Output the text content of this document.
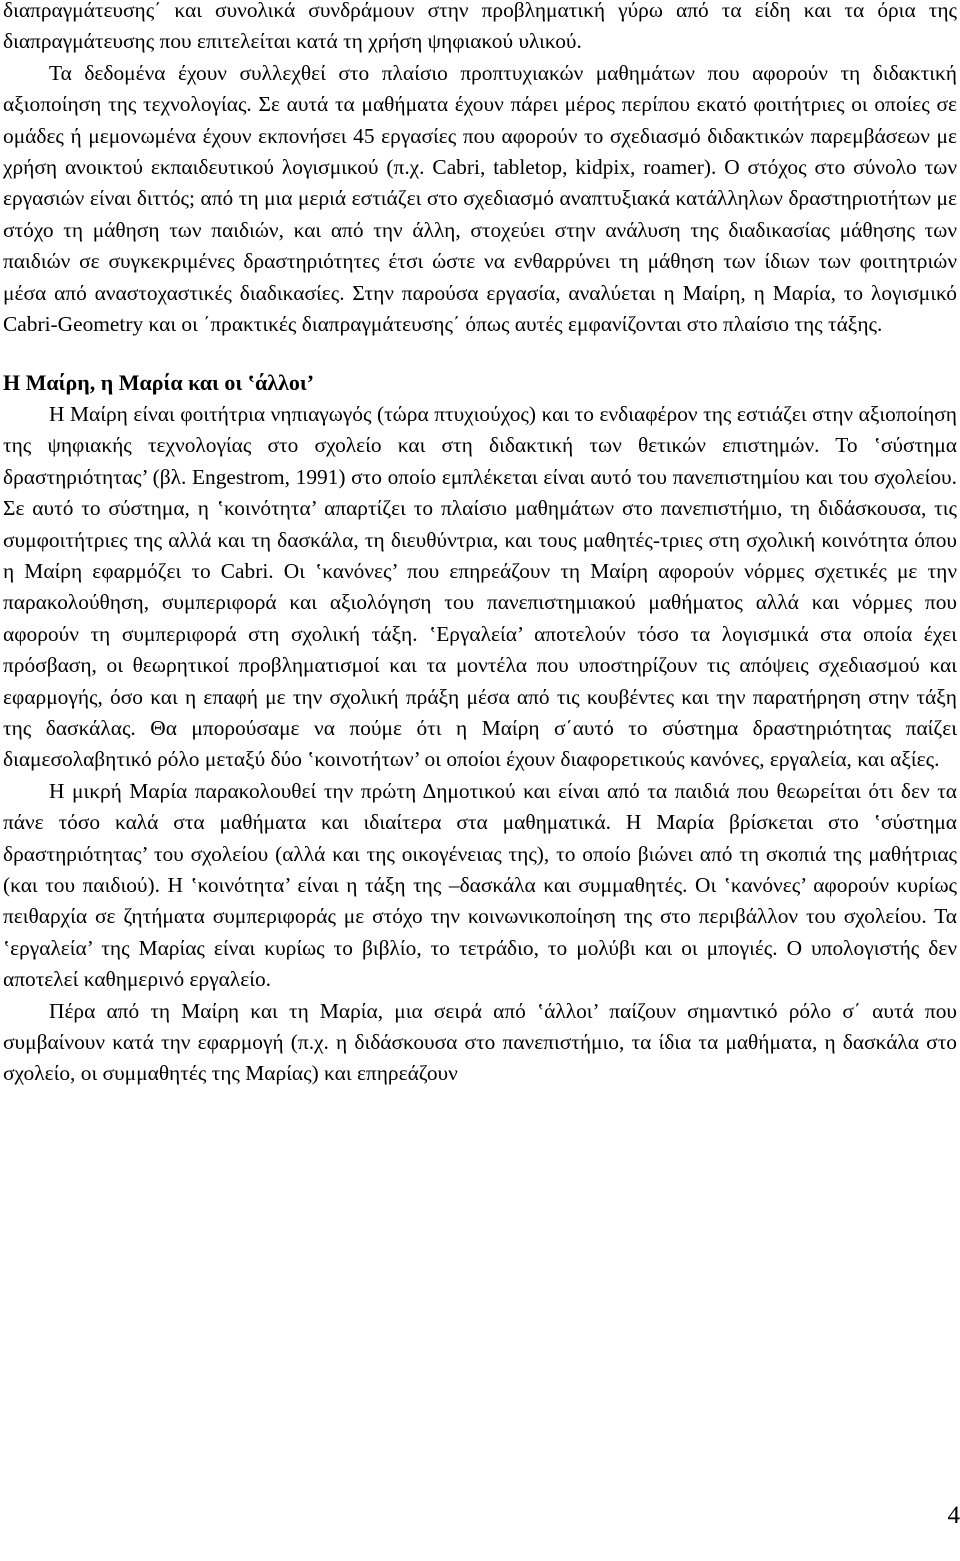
διαπραγμάτευσης΄ και συνολικά συνδράμουν στην προβληματική γύρω από τα είδη και τα όρια της διαπραγμάτευσης που επιτελείται κατά τη χρήση ψηφιακού υλικού.

Τα δεδομένα έχουν συλλεχθεί στο πλαίσιο προπτυχιακών μαθημάτων που αφορούν τη διδακτική αξιοποίηση της τεχνολογίας. Σε αυτά τα μαθήματα έχουν πάρει μέρος περίπου εκατό φοιτήτριες οι οποίες σε ομάδες ή μεμονωμένα έχουν εκπονήσει 45 εργασίες που αφορούν το σχεδιασμό διδακτικών παρεμβάσεων με χρήση ανοικτού εκπαιδευτικού λογισμικού (π.χ. Cabri, tabletop, kidpix, roamer). Ο στόχος στο σύνολο των εργασιών είναι διττός; από τη μια μεριά εστιάζει στο σχεδιασμό αναπτυξιακά κατάλληλων δραστηριοτήτων με στόχο τη μάθηση των παιδιών, και από την άλλη, στοχεύει στην ανάλυση της διαδικασίας μάθησης των παιδιών σε συγκεκριμένες δραστηριότητες έτσι ώστε να ενθαρρύνει τη μάθηση των ίδιων των φοιτητριών μέσα από αναστοχαστικές διαδικασίες. Στην παρούσα εργασία, αναλύεται η Μαίρη, η Μαρία, το λογισμικό Cabri-Geometry και οι ΄πρακτικές διαπραγμάτευσης΄ όπως αυτές εμφανίζονται στο πλαίσιο της τάξης.

Η Μαίρη, η Μαρία και οι ‛άλλοι’

Η Μαίρη είναι φοιτήτρια νηπιαγωγός (τώρα πτυχιούχος) και το ενδιαφέρον της εστιάζει στην αξιοποίηση της ψηφιακής τεχνολογίας στο σχολείο και στη διδακτική των θετικών επιστημών. Το ‛σύστημα δραστηριότητας’ (βλ. Engestrom, 1991) στο οποίο εμπλέκεται είναι αυτό του πανεπιστημίου και του σχολείου. Σε αυτό το σύστημα, η ‛κοινότητα’ απαρτίζει το πλαίσιο μαθημάτων στο πανεπιστήμιο, τη διδάσκουσα, τις συμφοιτήτριες της αλλά και τη δασκάλα, τη διευθύντρια, και τους μαθητές-τριες στη σχολική κοινότητα όπου η Μαίρη εφαρμόζει το Cabri. Οι ‛κανόνες’ που επηρεάζουν τη Μαίρη αφορούν νόρμες σχετικές με την παρακολούθηση, συμπεριφορά και αξιολόγηση του πανεπιστημιακού μαθήματος αλλά και νόρμες που αφορούν τη συμπεριφορά στη σχολική τάξη. ‛Εργαλεία’ αποτελούν τόσο τα λογισμικά στα οποία έχει πρόσβαση, οι θεωρητικοί προβληματισμοί και τα μοντέλα που υποστηρίζουν τις απόψεις σχεδιασμού και εφαρμογής, όσο και η επαφή με την σχολική πράξη μέσα από τις κουβέντες και την παρατήρηση στην τάξη της δασκάλας. Θα μπορούσαμε να πούμε ότι η Μαίρη σ΄αυτό το σύστημα δραστηριότητας παίζει διαμεσολαβητικό ρόλο μεταξύ δύο ‛κοινοτήτων’ οι οποίοι έχουν διαφορετικούς κανόνες, εργαλεία, και αξίες.

Η μικρή Μαρία παρακολουθεί την πρώτη Δημοτικού και είναι από τα παιδιά που θεωρείται ότι δεν τα πάνε τόσο καλά στα μαθήματα και ιδιαίτερα στα μαθηματικά. Η Μαρία βρίσκεται στο ‛σύστημα δραστηριότητας’ του σχολείου (αλλά και της οικογένειας της), το οποίο βιώνει από τη σκοπιά της μαθήτριας (και του παιδιού). Η ‛κοινότητα’ είναι η τάξη της –δασκάλα και συμμαθητές. Οι ‛κανόνες’ αφορούν κυρίως πειθαρχία σε ζητήματα συμπεριφοράς με στόχο την κοινωνικοποίηση της στο περιβάλλον του σχολείου. Τα ‛εργαλεία’ της Μαρίας είναι κυρίως το βιβλίο, το τετράδιο, το μολύβι και οι μπογιές. Ο υπολογιστής δεν αποτελεί καθημερινό εργαλείο.

Πέρα από τη Μαίρη και τη Μαρία, μια σειρά από ‛άλλοι’ παίζουν σημαντικό ρόλο σ΄ αυτά που συμβαίνουν κατά την εφαρμογή (π.χ. η διδάσκουσα στο πανεπιστήμιο, τα ίδια τα μαθήματα, η δασκάλα στο σχολείο, οι συμμαθητές της Μαρίας) και επηρεάζουν

4
